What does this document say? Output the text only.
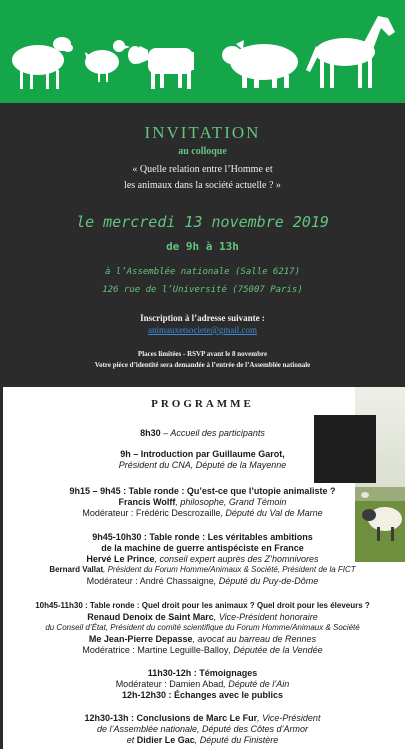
INVITATION
au colloque
« Quelle relation entre l’Homme et
les animaux dans la société actuelle ? »
le mercredi 13 novembre 2019
de 9h à 13h
à l’Assemblée nationale (Salle 6217)
126 rue de l’Université (75007 Paris)
Inscription à l’adresse suivante :
animauxetsociete@gmail.com
Places limitées - RSVP avant le 8 novembre
Votre pièce d’identité sera demandée à l’entrée de l’Assemblée nationale
PROGRAMME
8h30 – Accueil des participants
9h – Introduction par Guillaume Garot,
Président du CNA, Député de la Mayenne
9h15 – 9h45 : Table ronde : Qu’est-ce que l’utopie animaliste ?
Francis Wolff, philosophe, Grand Témoin
Modérateur : Frédéric Descrozaille, Député du Val de Marne
9h45-10h30 : Table ronde : Les véritables ambitions
de la machine de guerre antispéciste en France
Hervé Le Prince, conseil expert auprès des Z’homnivores
Bernard Vallat, Président du Forum Homme/Animaux & Société, Président de la FICT
Modérateur : André Chassaigne, Député du Puy-de-Dôme
10h45-11h30 : Table ronde : Quel droit pour les animaux ? Quel droit pour les éleveurs ?
Renaud Denoix de Saint Marc, Vice-Président honoraire
du Conseil d’État, Président du comité scientifique du Forum Homme/Animaux & Société
Me Jean-Pierre Depasse, avocat au barreau de Rennes
Modératrice : Martine Leguille-Balloy, Députée de la Vendée
11h30-12h : Témoignages
Modérateur : Damien Abad, Député de l’Ain
12h-12h30 : Échanges avec le publics
12h30-13h : Conclusions de Marc Le Fur, Vice-Président
de l’Assemblée nationale, Député des Côtes d’Armor
et Didier Le Gac, Député du Finistère
